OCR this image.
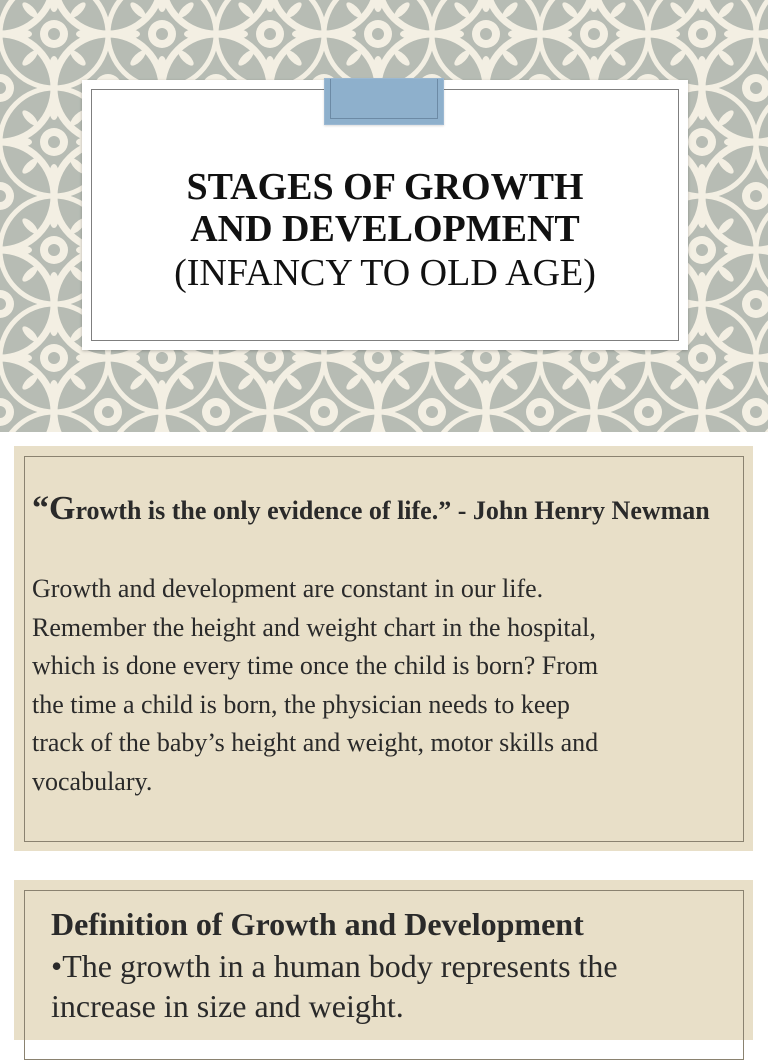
STAGES OF GROWTH
AND DEVELOPMENT
(INFANCY TO OLD AGE)
“Growth is the only evidence of life.” - John Henry Newman
Growth and development are constant in our life.
Remember the height and weight chart in the hospital,
which is done every time once the child is born? From
the time a child is born, the physician needs to keep
track of the baby’s height and weight, motor skills and
vocabulary.
Definition of Growth and Development
•The growth in a human body represents the
increase in size and weight.
